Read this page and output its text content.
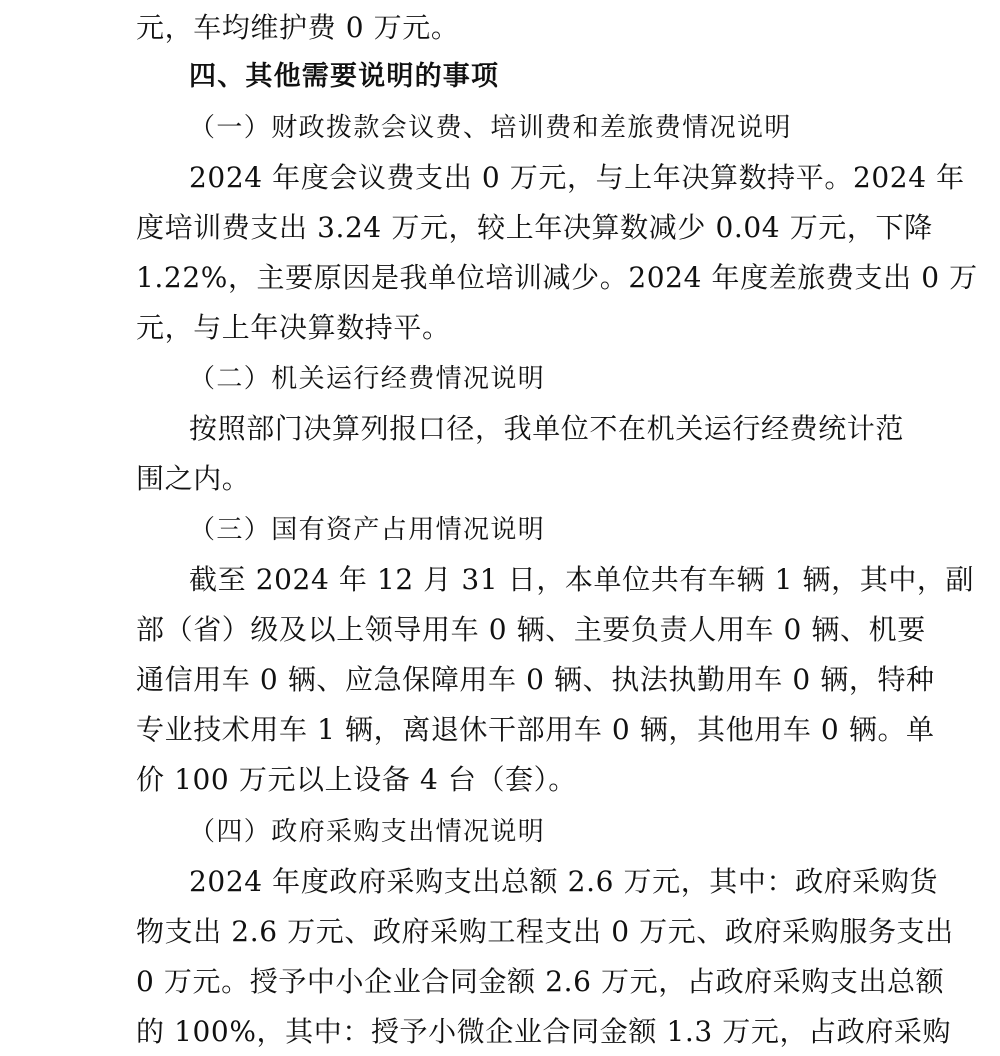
元，车均维护费 0 万元。
四、其他需要说明的事项
（一）财政拨款会议费、培训费和差旅费情况说明
2024 年度会议费支出 0 万元，与上年决算数持平。2024 年
度培训费支出 3.24 万元，较上年决算数减少 0.04 万元，下降
1.22%，主要原因是我单位培训减少。2024 年度差旅费支出 0 万
元，与上年决算数持平。
（二）机关运行经费情况说明
按照部门决算列报口径，我单位不在机关运行经费统计范
围之内。
（三）国有资产占用情况说明
截至 2024 年 12 月 31 日，本单位共有车辆 1 辆，其中，副
部（省）级及以上领导用车 0 辆、主要负责人用车 0 辆、机要
通信用车 0 辆、应急保障用车 0 辆、执法执勤用车 0 辆，特种
专业技术用车 1 辆，离退休干部用车 0 辆，其他用车 0 辆。单
价 100 万元以上设备 4 台（套）。
（四）政府采购支出情况说明
2024 年度政府采购支出总额 2.6 万元，其中：政府采购货
物支出 2.6 万元、政府采购工程支出 0 万元、政府采购服务支出
0 万元。授予中小企业合同金额 2.6 万元，占政府采购支出总额
的 100%，其中：授予小微企业合同金额 1.3 万元，占政府采购
